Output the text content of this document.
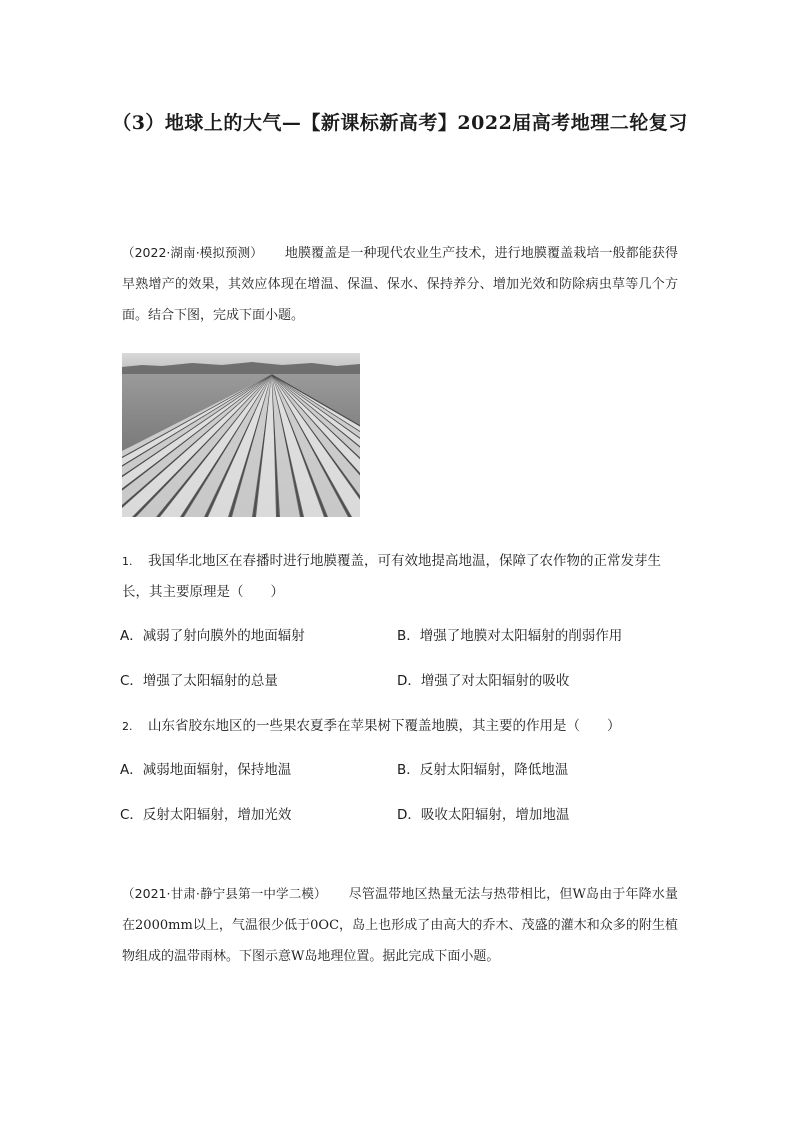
（3）地球上的大气—【新课标新高考】2022届高考地理二轮复习
（2022·湖南·模拟预测） 地膜覆盖是一种现代农业生产技术，进行地膜覆盖栽培一般都能获得早熟增产的效果，其效应体现在增温、保温、保水、保持养分、增加光效和防除病虫草等几个方面。结合下图，完成下面小题。
1. 我国华北地区在春播时进行地膜覆盖，可有效地提高地温，保障了农作物的正常发芽生长，其主要原理是（　　）
A．减弱了射向膜外的地面辐射	B．增强了地膜对太阳辐射的削弱作用
C．增强了太阳辐射的总量	D．增强了对太阳辐射的吸收
2. 山东省胶东地区的一些果农夏季在苹果树下覆盖地膜，其主要的作用是（　　）
A．减弱地面辐射，保持地温	B．反射太阳辐射，降低地温
C．反射太阳辐射，增加光效	D．吸收太阳辐射，增加地温
（2021·甘肃·静宁县第一中学二模） 尽管温带地区热量无法与热带相比，但W岛由于年降水量在2000mm以上，气温很少低于0OC，岛上也形成了由高大的乔木、茂盛的灌木和众多的附生植物组成的温带雨林。下图示意W岛地理位置。据此完成下面小题。
